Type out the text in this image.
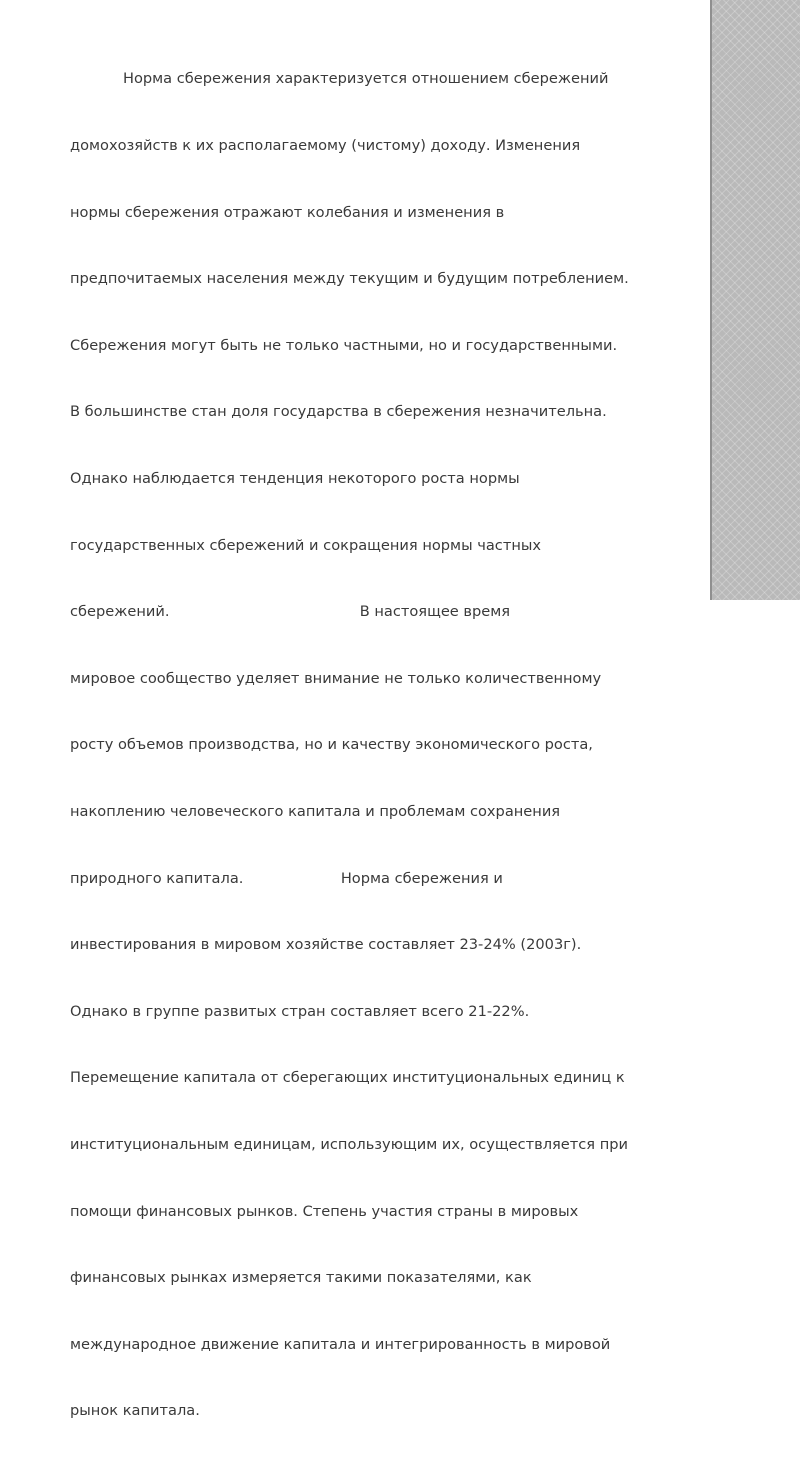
Норма сбережения характеризуется отношением сбережений

домохозяйств к их располагаемому (чистому) доходу. Изменения

нормы сбережения отражают колебания и изменения в

предпочитаемых населения между текущим и будущим потреблением.

Сбережения могут быть не только частными, но и государственными.

В большинстве стан доля государства в сбережения незначительна.

Однако наблюдается тенденция некоторого роста нормы

государственных сбережений и сокращения нормы частных

сбережений.                                         В настоящее время

мировое сообщество уделяет внимание не только количественному

росту объемов производства, но и качеству экономического роста,

накоплению человеческого капитала и проблемам сохранения

природного капитала.                     Норма сбережения и

инвестирования в мировом хозяйстве составляет 23-24% (2003г).

Однако в группе развитых стран составляет всего 21-22%.

Перемещение капитала от сберегающих институциональных единиц к

институциональным единицам, использующим их, осуществляется при

помощи финансовых рынков. Степень участия страны в мировых

финансовых рынках измеряется такими показателями, как

международное движение капитала и интегрированность в мировой

рынок капитала.
